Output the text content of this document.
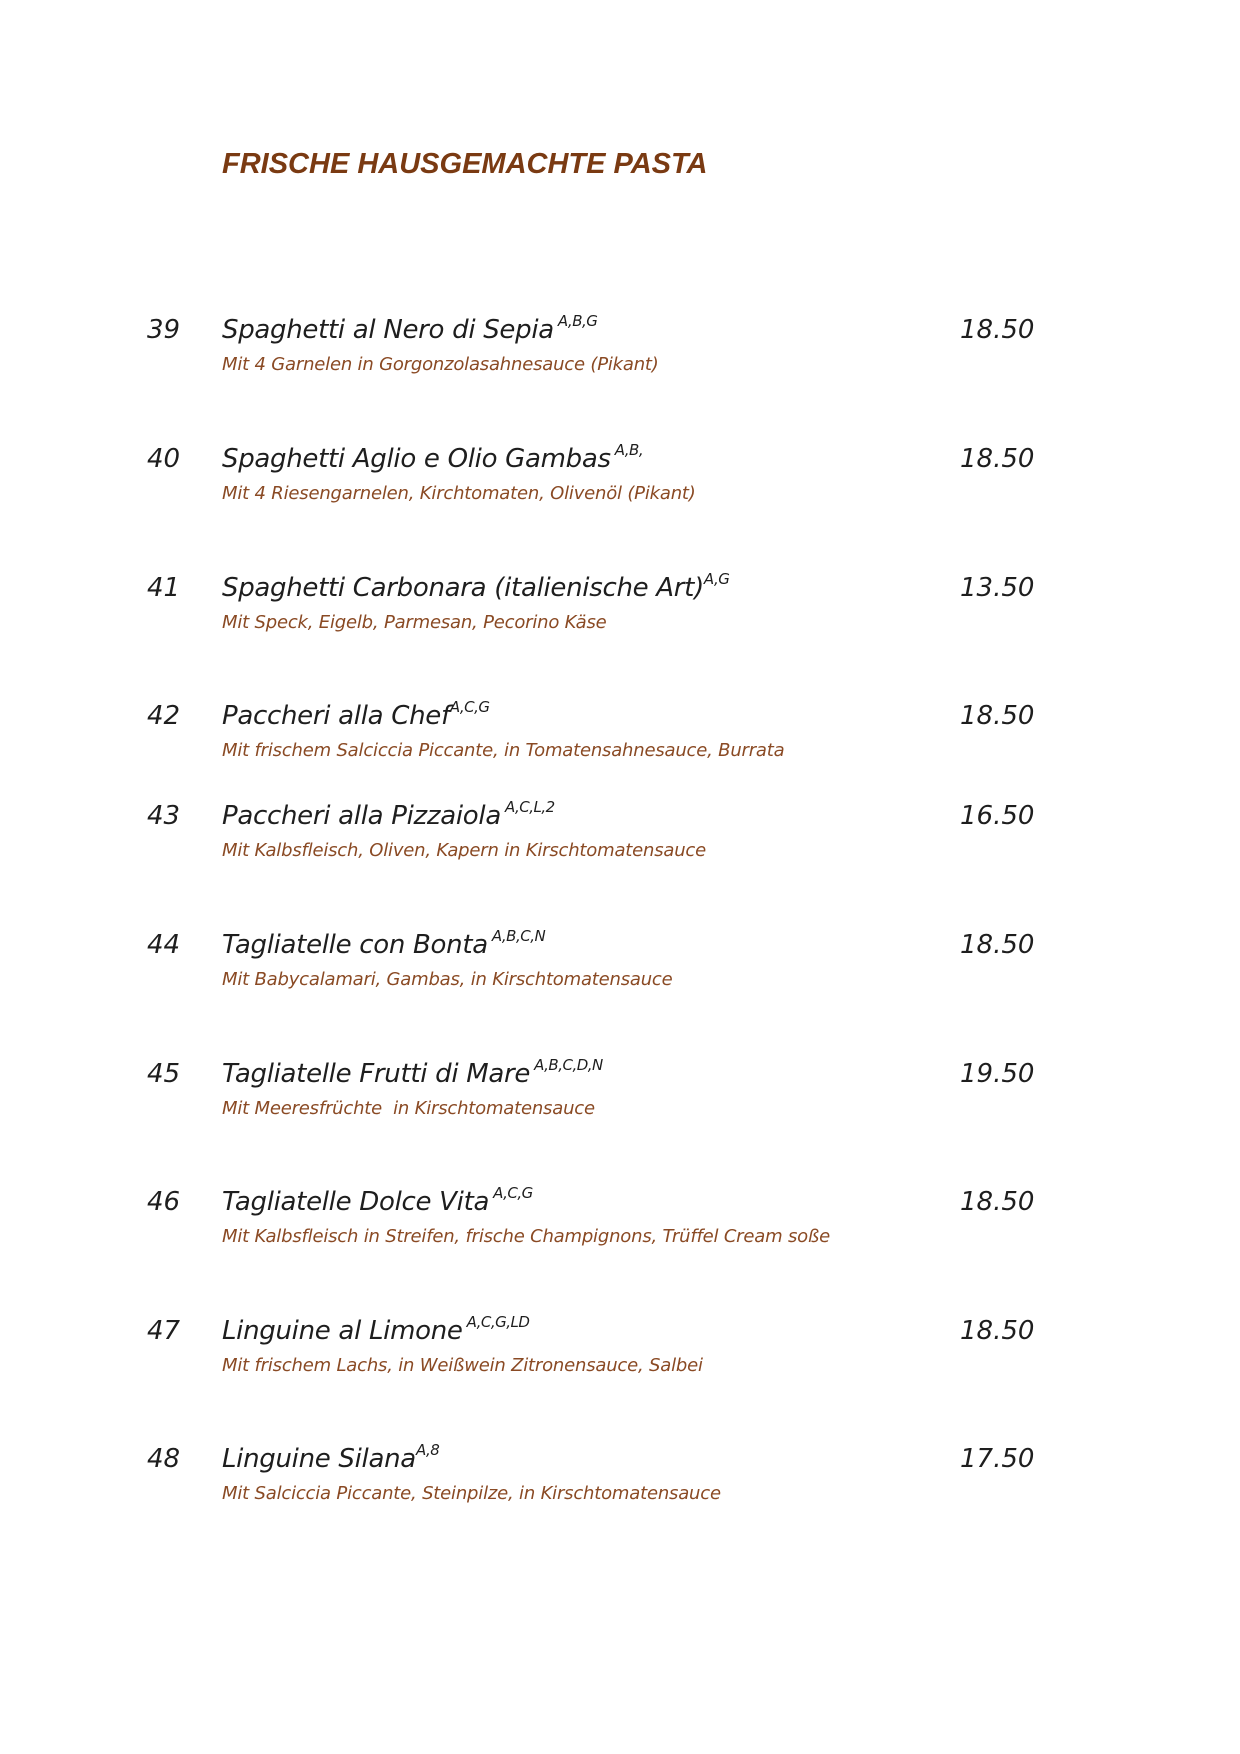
FRISCHE HAUSGEMACHTE PASTA
39 Spaghetti al Nero di Sepia $^{A,B,G}$	18.50
Mit 4 Garnelen in Gorgonzolasahnesauce (Pikant)
40 Spaghetti Aglio e Olio Gambas $^{A,B,}$	18.50
Mit 4 Riesengarnelen, Kirchtomaten, Olivenöl (Pikant)
41 Spaghetti Carbonara (italienische Art)$^{A,G}$	13.50
Mit Speck, Eigelb, Parmesan, Pecorino Käse
42 Paccheri alla Chef$^{A,C,G}$	18.50
Mit frischem Salciccia Piccante, in Tomatensahnesauce, Burrata
43 Paccheri alla Pizzaiola $^{A,C,L,2}$	16.50
Mit Kalbsfleisch, Oliven, Kapern in Kirschtomatensauce
44 Tagliatelle con Bonta $^{A,B,C,N}$	18.50
Mit Babycalamari, Gambas, in Kirschtomatensauce
45 Tagliatelle Frutti di Mare $^{A,B,C,D,N}$	19.50
Mit Meeresfrüchte  in Kirschtomatensauce
46 Tagliatelle Dolce Vita $^{A,C,G}$	18.50
Mit Kalbsfleisch in Streifen, frische Champignons, Trüffel Cream soße
47 Linguine al Limone $^{A,C,G,LD}$	18.50
Mit frischem Lachs, in Weißwein Zitronensauce, Salbei
48 Linguine Silana$^{A,8}$	17.50
Mit Salciccia Piccante, Steinpilze, in Kirschtomatensauce
